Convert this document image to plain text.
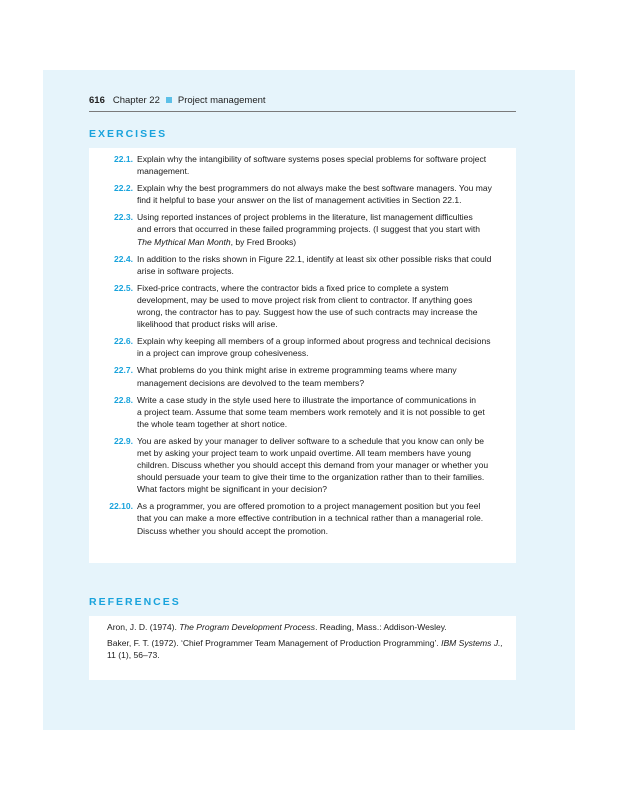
616 Chapter 22 Project management
EXERCISES
22.1. Explain why the intangibility of software systems poses special problems for software project
management.
22.2. Explain why the best programmers do not always make the best software managers. You may
find it helpful to base your answer on the list of management activities in Section 22.1.
22.3. Using reported instances of project problems in the literature, list management difficulties
and errors that occurred in these failed programming projects. (I suggest that you start with
The Mythical Man Month, by Fred Brooks)
22.4. In addition to the risks shown in Figure 22.1, identify at least six other possible risks that could
arise in software projects.
22.5. Fixed-price contracts, where the contractor bids a fixed price to complete a system
development, may be used to move project risk from client to contractor. If anything goes
wrong, the contractor has to pay. Suggest how the use of such contracts may increase the
likelihood that product risks will arise.
22.6. Explain why keeping all members of a group informed about progress and technical decisions
in a project can improve group cohesiveness.
22.7. What problems do you think might arise in extreme programming teams where many
management decisions are devolved to the team members?
22.8. Write a case study in the style used here to illustrate the importance of communications in
a project team. Assume that some team members work remotely and it is not possible to get
the whole team together at short notice.
22.9. You are asked by your manager to deliver software to a schedule that you know can only be
met by asking your project team to work unpaid overtime. All team members have young
children. Discuss whether you should accept this demand from your manager or whether you
should persuade your team to give their time to the organization rather than to their families.
What factors might be significant in your decision?
22.10. As a programmer, you are offered promotion to a project management position but you feel
that you can make a more effective contribution in a technical rather than a managerial role.
Discuss whether you should accept the promotion.
REFERENCES
Aron, J. D. (1974). The Program Development Process. Reading, Mass.: Addison-Wesley.
Baker, F. T. (1972). ‘Chief Programmer Team Management of Production Programming’. IBM Systems J.,
11 (1), 56–73.
